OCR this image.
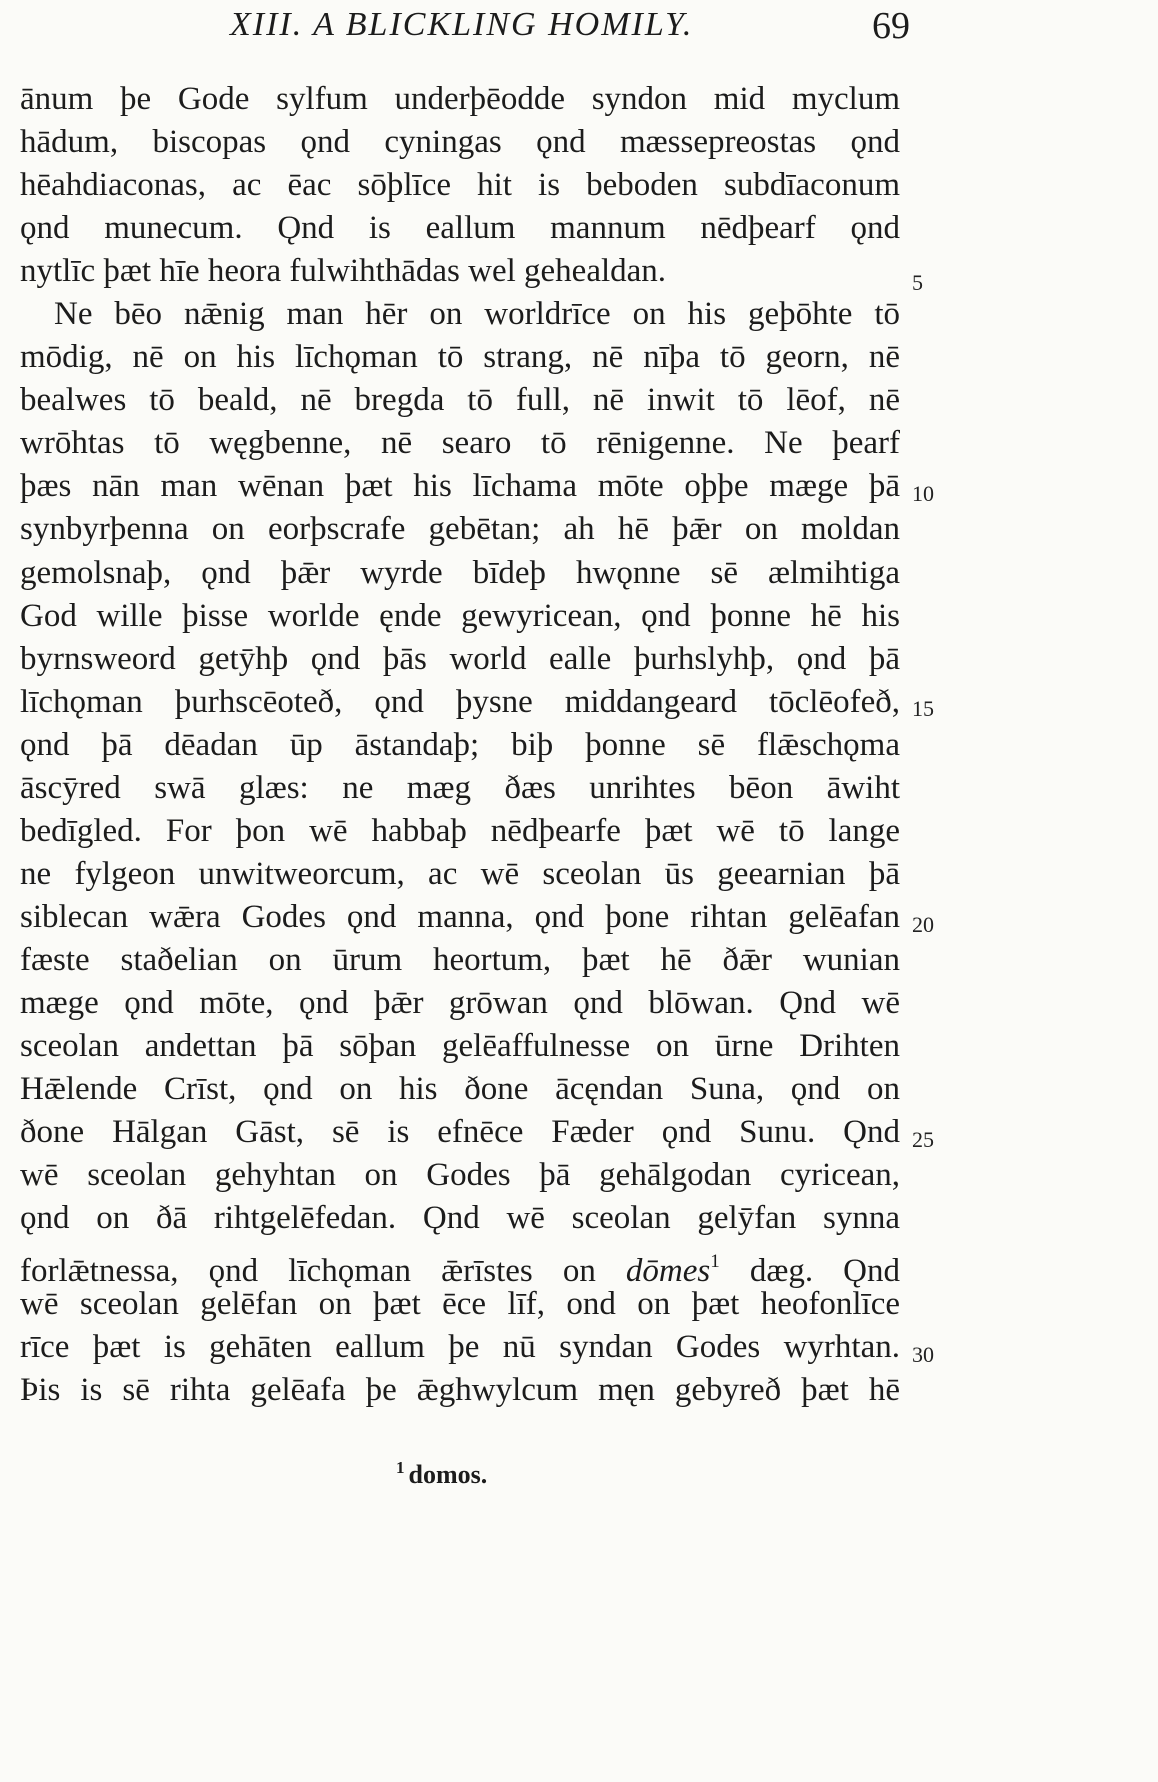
XIII. A BLICKLING HOMILY.	69
ānum þe Gode sylfum underþēodde syndon mid myclum
hādum, biscopas ǫnd cyningas ǫnd mæssepreostas ǫnd
hēahdiaconas, ac ēac sōþlīce hit is beboden subdīaconum
ǫnd munecum. Ǫnd is eallum mannum nēdþearf ǫnd
nytlīc þæt hīe heora fulwihthādas wel gehealdan.
Ne bēo nǣnig man hēr on worldrīce on his geþōhte tō
mōdig, nē on his līchǫman tō strang, nē nīþa tō georn, nē
bealwes tō beald, nē bregda tō full, nē inwit tō lēof, nē
wrōhtas tō węgbenne, nē searo tō rēnigenne. Ne þearf
þæs nān man wēnan þæt his līchama mōte oþþe mæge þā
synbyrþenna on eorþscrafe gebētan; ah hē þǣr on moldan
gemolsnaþ, ǫnd þǣr wyrde bīdeþ hwǫnne sē ælmihtiga
God wille þisse worlde ęnde gewyricean, ǫnd þonne hē his
byrnsweord getȳhþ ǫnd þās world ealle þurhslyhþ, ǫnd þā
līchǫman þurhscēoteð, ǫnd þysne middangeard tōclēofeð,
ǫnd þā dēadan ūp āstandaþ; biþ þonne sē flǣschǫma
āscȳred swā glæs: ne mæg ðæs unrihtes bēon āwiht
bedīgled. For þon wē habbaþ nēdþearfe þæt wē tō lange
ne fylgeon unwitweorcum, ac wē sceolan ūs geearnian þā
siblecan wǣra Godes ǫnd manna, ǫnd þone rihtan gelēafan
fæste staðelian on ūrum heortum, þæt hē ðǣr wunian
mæge ǫnd mōte, ǫnd þǣr grōwan ǫnd blōwan. Ǫnd wē
sceolan andettan þā sōþan gelēaffulnesse on ūrne Drihten
Hǣlende Crīst, ǫnd on his ðone ācęndan Suna, ǫnd on
ðone Hālgan Gāst, sē is efnēce Fæder ǫnd Sunu. Ǫnd
wē sceolan gehyhtan on Godes þā gehālgodan cyricean,
ǫnd on ðā rihtgelēfedan. Ǫnd wē sceolan gelȳfan synna
forlǣtnessa, ǫnd līchǫman ǣrīstes on dōmes$^1$ dæg. Ǫnd
wē sceolan gelēfan on þæt ēce līf, ond on þæt heofonlīce
rīce þæt is gehāten eallum þe nū syndan Godes wyrhtan.
Þis is sē rihta gelēafa þe ǣghwylcum męn gebyreð þæt hē
5
10
15
20
25
30
$^1$ domos.
